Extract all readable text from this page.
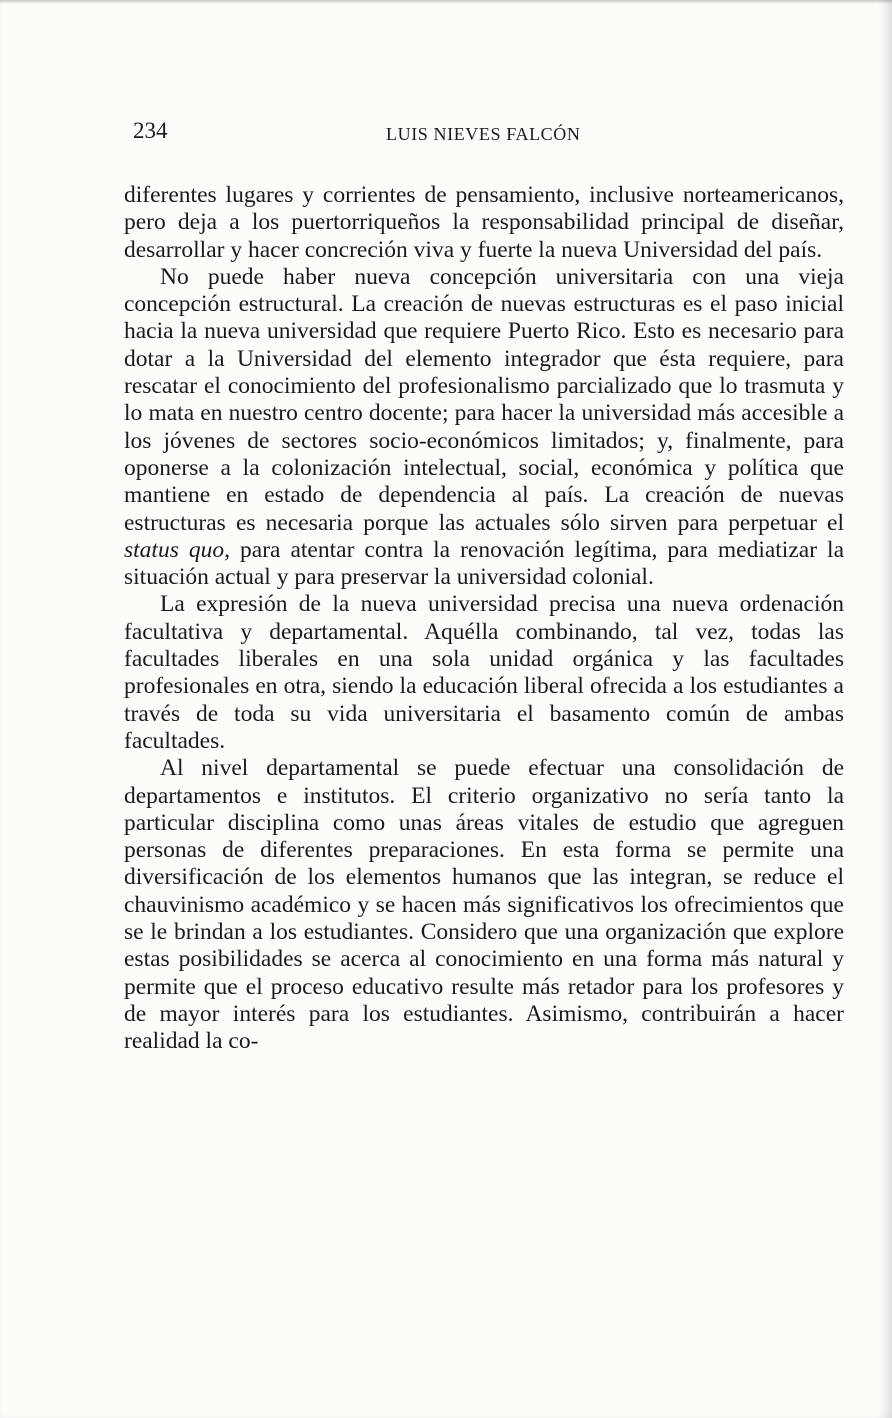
234	LUIS NIEVES FALCÓN

diferentes lugares y corrientes de pensamiento, inclusive norteamericanos, pero deja a los puertorriqueños la responsabilidad principal de diseñar, desarrollar y hacer concreción viva y fuerte la nueva Universidad del país.

No puede haber nueva concepción universitaria con una vieja concepción estructural. La creación de nuevas estructuras es el paso inicial hacia la nueva universidad que requiere Puerto Rico. Esto es necesario para dotar a la Universidad del elemento integrador que ésta requiere, para rescatar el conocimiento del profesionalismo parcializado que lo trasmuta y lo mata en nuestro centro docente; para hacer la universidad más accesible a los jóvenes de sectores socio-económicos limitados; y, finalmente, para oponerse a la colonización intelectual, social, económica y política que mantiene en estado de dependencia al país. La creación de nuevas estructuras es necesaria porque las actuales sólo sirven para perpetuar el status quo, para atentar contra la renovación legítima, para mediatizar la situación actual y para preservar la universidad colonial.

La expresión de la nueva universidad precisa una nueva ordenación facultativa y departamental. Aquélla combinando, tal vez, todas las facultades liberales en una sola unidad orgánica y las facultades profesionales en otra, siendo la educación liberal ofrecida a los estudiantes a través de toda su vida universitaria el basamento común de ambas facultades.

Al nivel departamental se puede efectuar una consolidación de departamentos e institutos. El criterio organizativo no sería tanto la particular disciplina como unas áreas vitales de estudio que agreguen personas de diferentes preparaciones. En esta forma se permite una diversificación de los elementos humanos que las integran, se reduce el chauvinismo académico y se hacen más significativos los ofrecimientos que se le brindan a los estudiantes. Considero que una organización que explore estas posibilidades se acerca al conocimiento en una forma más natural y permite que el proceso educativo resulte más retador para los profesores y de mayor interés para los estudiantes. Asimismo, contribuirán a hacer realidad la co-
